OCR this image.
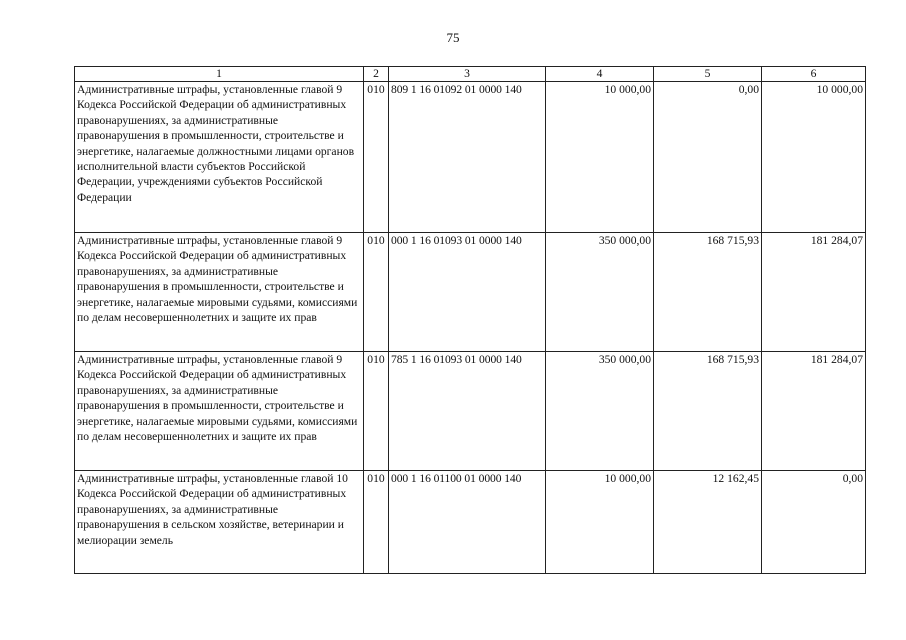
75
1	2	3	4	5	6
Административные штрафы, установленные главой 9 Кодекса Российской Федерации об административных правонарушениях, за административные правонарушения в промышленности, строительстве и энергетике, налагаемые должностными лицами органов исполнительной власти субъектов Российской Федерации, учреждениями субъектов Российской Федерации	010	809 1 16 01092 01 0000 140	10 000,00	0,00	10 000,00
Административные штрафы, установленные главой 9 Кодекса Российской Федерации об административных правонарушениях, за административные правонарушения в промышленности, строительстве и энергетике, налагаемые мировыми судьями, комиссиями по делам несовершеннолетних и защите их прав	010	000 1 16 01093 01 0000 140	350 000,00	168 715,93	181 284,07
Административные штрафы, установленные главой 9 Кодекса Российской Федерации об административных правонарушениях, за административные правонарушения в промышленности, строительстве и энергетике, налагаемые мировыми судьями, комиссиями по делам несовершеннолетних и защите их прав	010	785 1 16 01093 01 0000 140	350 000,00	168 715,93	181 284,07
Административные штрафы, установленные главой 10 Кодекса Российской Федерации об административных правонарушениях, за административные правонарушения в сельском хозяйстве, ветеринарии и мелиорации земель	010	000 1 16 01100 01 0000 140	10 000,00	12 162,45	0,00
